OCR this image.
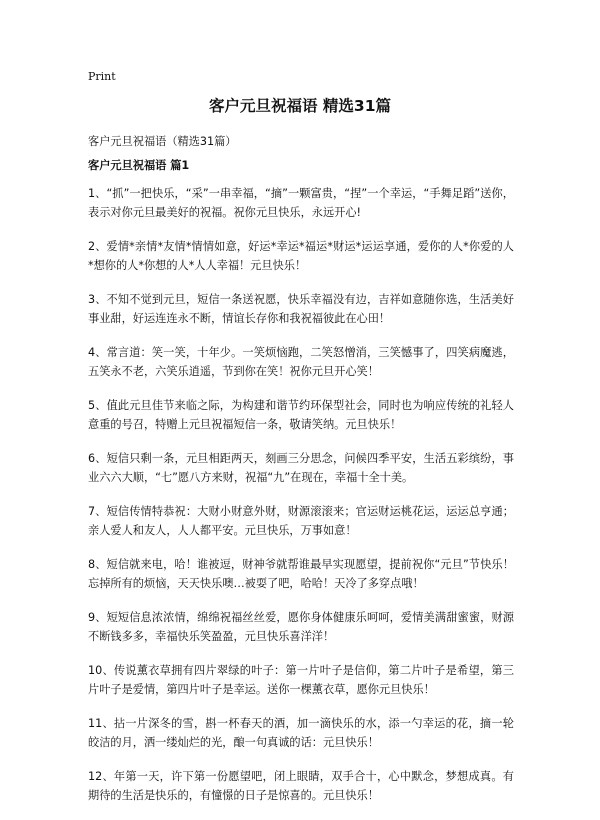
Print
客户元旦祝福语 精选31篇
客户元旦祝福语（精选31篇）
客户元旦祝福语 篇1
1、“抓”一把快乐，“采”一串幸福，“摘”一颗富贵，“捏”一个幸运，“手舞足蹈”送你，表示对你元旦最美好的祝福。祝你元旦快乐，永远开心!
2、爱情*亲情*友情*情情如意，好运*幸运*福运*财运*运运享通，爱你的人*你爱的人*想你的人*你想的人*人人幸福！元旦快乐！
3、不知不觉到元旦，短信一条送祝愿，快乐幸福没有边，吉祥如意随你选，生活美好事业甜，好运连连永不断，情谊长存你和我祝福彼此在心田！
4、常言道：笑一笑，十年少。一笑烦恼跑，二笑怒憎消，三笑憾事了，四笑病魔逃，五笑永不老，六笑乐逍遥，节到你在笑！祝你元旦开心笑！
5、值此元旦佳节来临之际，为构建和谐节约环保型社会，同时也为响应传统的礼轻人意重的号召，特赠上元旦祝福短信一条，敬请笑纳。元旦快乐！
6、短信只剩一条，元旦相距两天，刻画三分思念，问候四季平安，生活五彩缤纷，事业六六大顺，“七”愿八方来财，祝福“九”在现在，幸福十全十美。
7、短信传情特恭祝：大财小财意外财，财源滚滚来；官运财运桃花运，运运总亨通；亲人爱人和友人，人人都平安。元旦快乐，万事如意！
8、短信就来电，哈！谁被逗，财神爷就帮谁最早实现愿望，提前祝你“元旦”节快乐！忘掉所有的烦恼，天天快乐噢…被耍了吧，哈哈！天冷了多穿点哦！
9、短短信息浓浓情，绵绵祝福丝丝爱，愿你身体健康乐呵呵，爱情美满甜蜜蜜，财源不断钱多多，幸福快乐笑盈盈，元旦快乐喜洋洋！
10、传说薰衣草拥有四片翠绿的叶子：第一片叶子是信仰，第二片叶子是希望，第三片叶子是爱情，第四片叶子是幸运。送你一棵薰衣草，愿你元旦快乐！
11、拈一片深冬的雪，斟一杯春天的酒，加一滴快乐的水，添一勺幸运的花，摘一轮皎洁的月，洒一缕灿烂的光，酿一句真诚的话：元旦快乐！
12、年第一天，许下第一份愿望吧，闭上眼睛，双手合十，心中默念，梦想成真。有期待的生活是快乐的，有憧憬的日子是惊喜的。元旦快乐！
